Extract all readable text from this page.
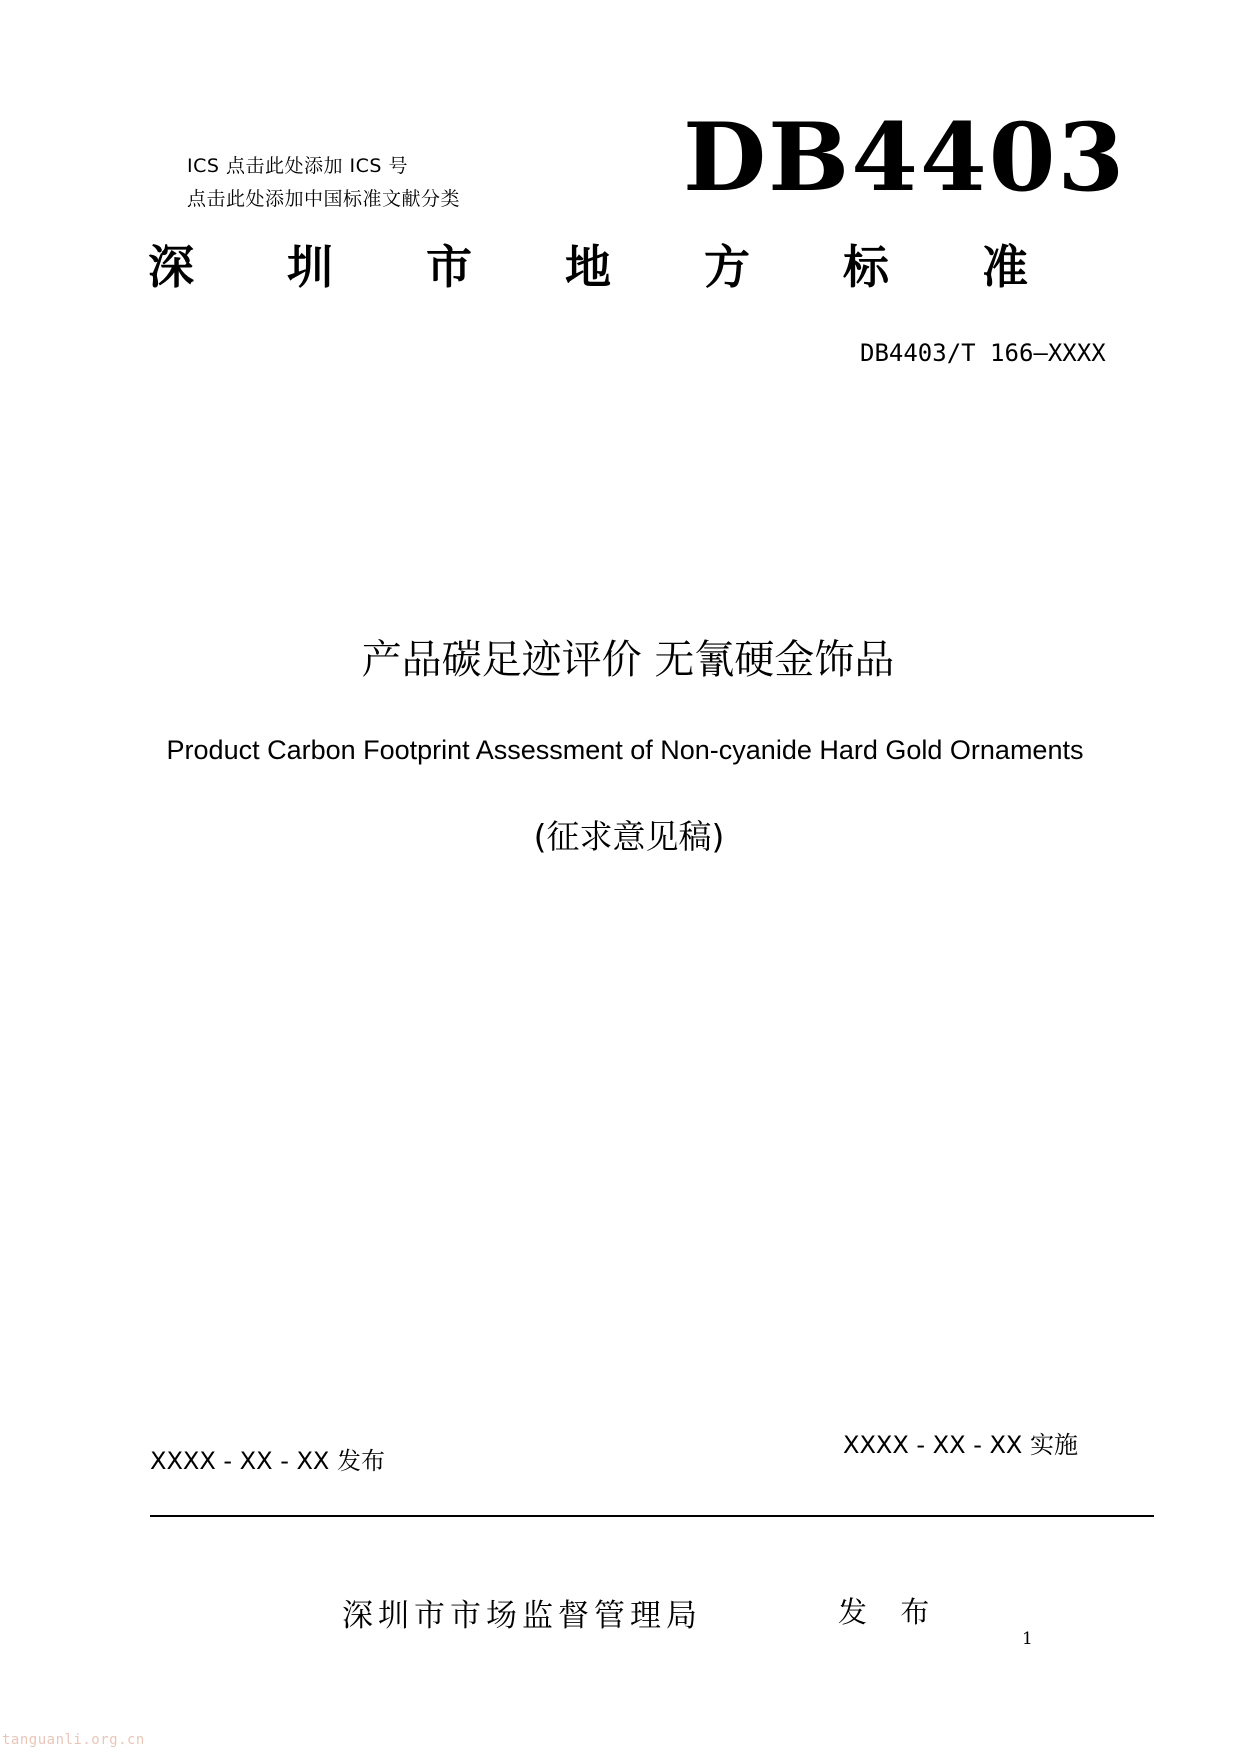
ICS 点击此处添加 ICS 号
点击此处添加中国标准文献分类 DB4403
深 圳 市 地 方 标 准
DB4403/T 166—XXXX
产品碳足迹评价 无氰硬金饰品
Product Carbon Footprint Assessment of Non-cyanide Hard Gold Ornaments
(征求意见稿)
XXXX - XX - XX 发布
XXXX - XX - XX 实施
深圳市市场监督管理局	发 布
1
tanguanli.org.cn
